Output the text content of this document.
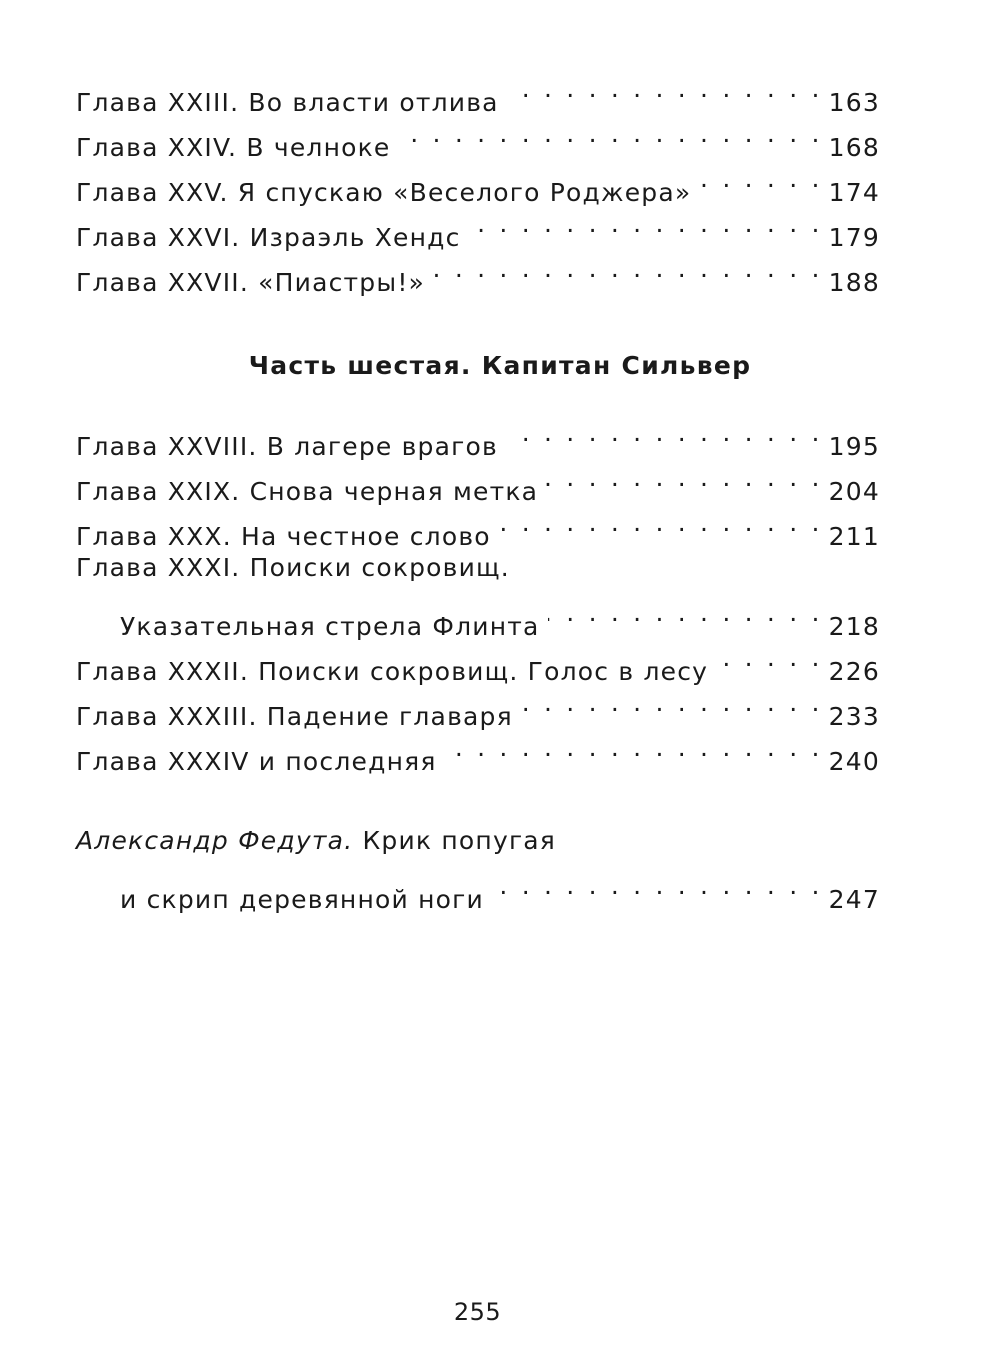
Глава XXIII. Во власти отлива . . .	163
Глава XXIV. В челноке . . .	168
Глава XXV. Я спускаю «Веселого Роджера» . . .	174
Глава XXVI. Израэль Хендс . . .	179
Глава XXVII. «Пиастры!» . . .	188
Часть шестая. Капитан Сильвер
Глава XXVIII. В лагере врагов . . .	195
Глава XXIX. Снова черная метка . . .	204
Глава XXX. На честное слово . . .	211
Глава XXXI. Поиски сокровищ.
Указательная стрела Флинта . . .	218
Глава XXXII. Поиски сокровищ. Голос в лесу . . .	226
Глава XXXIII. Падение главаря . . .	233
Глава XXXIV и последняя . . .	240
Александр Федута. Крик попугая
и скрип деревянной ноги . . .	247
255
